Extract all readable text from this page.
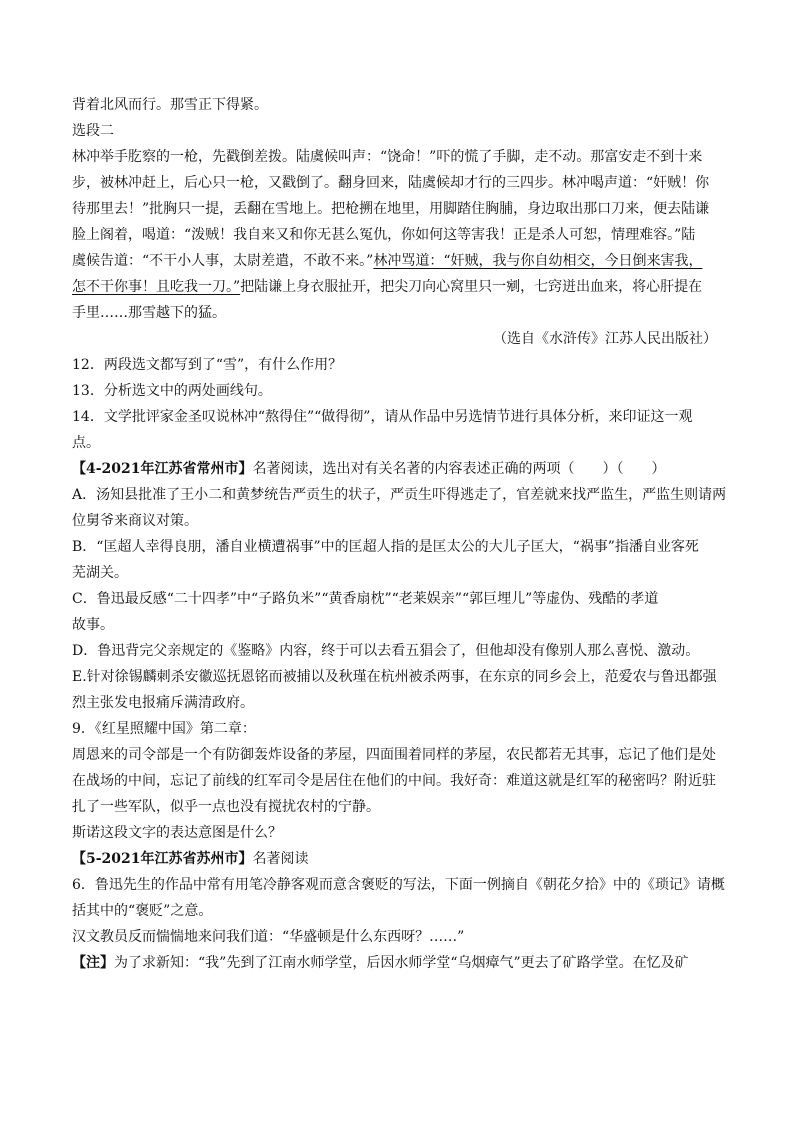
背着北风而行。那雪正下得紧。
选段二
林冲举手肐察的一枪，先戳倒差拨。陆虞候叫声：“饶命！”吓的慌了手脚，走不动。那富安走不到十来
步，被林冲赶上，后心只一枪，又戳倒了。翻身回来，陆虞候却才行的三四步。林冲喝声道：“奸贼！你
待那里去！”批胸只一提，丢翻在雪地上。把枪搠在地里，用脚踏住胸脯，身边取出那口刀来，便去陆谦
脸上阁着，喝道：“泼贼！我自来又和你无甚么冤仇，你如何这等害我！正是杀人可恕，情理难容。”陆
虞候告道：“不干小人事，太尉差遣，不敢不来。”林冲骂道：“奸贼，我与你自幼相交，今日倒来害我，
怎不干你事！且吃我一刀。”把陆谦上身衣服扯开，把尖刀向心窝里只一剜，七窍迸出血来，将心肝提在
手里……那雪越下的猛。
（选自《水浒传》江苏人民出版社）
12．两段选文都写到了“雪”，有什么作用？
13．分析选文中的两处画线句。
14．文学批评家金圣叹说林冲“熬得住”“做得彻”，请从作品中另选情节进行具体分析，来印证这一观
点。
【4-2021年江苏省常州市】名著阅读，选出对有关名著的内容表述正确的两项（　　）（　　）
A．汤知县批准了王小二和黄梦统告严贡生的状子，严贡生吓得逃走了，官差就来找严监生，严监生则请两
位舅爷来商议对策。
B．“匡超人幸得良朋，潘自业横遭祸事”中的匡超人指的是匡太公的大儿子匡大，“祸事”指潘自业客死
芜湖关。
C．鲁迅最反感“二十四孝”中“子路负米”“黄香扇枕”“老莱娱亲”“郭巨埋儿”等虚伪、残酷的孝道
故事。
D．鲁迅背完父亲规定的《鉴略》内容，终于可以去看五猖会了，但他却没有像别人那么喜悦、激动。
E.针对徐锡麟刺杀安徽巡抚恩铭而被捕以及秋瑾在杭州被杀两事，在东京的同乡会上，范爱农与鲁迅都强
烈主张发电报痛斥满清政府。
9．《红星照耀中国》第二章：
周恩来的司令部是一个有防御轰炸设备的茅屋，四面围着同样的茅屋，农民都若无其事，忘记了他们是处
在战场的中间，忘记了前线的红军司令是居住在他们的中间。我好奇：难道这就是红军的秘密吗？附近驻
扎了一些军队，似乎一点也没有搅扰农村的宁静。
斯诺这段文字的表达意图是什么？
【5-2021年江苏省苏州市】名著阅读
6．鲁迅先生的作品中常有用笔冷静客观而意含褒贬的写法，下面一例摘自《朝花夕拾》中的《琐记》请概
括其中的“褒贬”之意。
汉文教员反而惴惴地来问我们道：“华盛顿是什么东西呀？……”
【注】为了求新知：“我”先到了江南水师学堂，后因水师学堂“乌烟瘴气”更去了矿路学堂。在忆及矿
